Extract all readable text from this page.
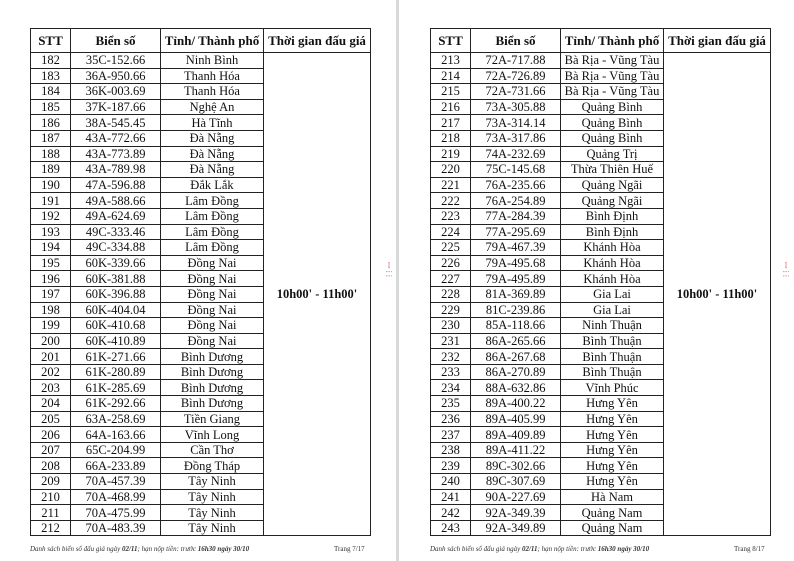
STT	Biển số	Tỉnh/ Thành phố	Thời gian đấu giá
182	35C-152.66	Ninh Bình	10h00' - 11h00'
183	36A-950.66	Thanh Hóa	
184	36K-003.69	Thanh Hóa	
185	37K-187.66	Nghệ An	
186	38A-545.45	Hà Tĩnh	
187	43A-772.66	Đà Nẵng	
188	43A-773.89	Đà Nẵng	
189	43A-789.98	Đà Nẵng	
190	47A-596.88	Đắk Lắk	
191	49A-588.66	Lâm Đồng	
192	49A-624.69	Lâm Đồng	
193	49C-333.46	Lâm Đồng	
194	49C-334.88	Lâm Đồng	
195	60K-339.66	Đồng Nai	
196	60K-381.88	Đồng Nai	
197	60K-396.88	Đồng Nai	
198	60K-404.04	Đồng Nai	
199	60K-410.68	Đồng Nai	
200	60K-410.89	Đồng Nai	
201	61K-271.66	Bình Dương	
202	61K-280.89	Bình Dương	
203	61K-285.69	Bình Dương	
204	61K-292.66	Bình Dương	
205	63A-258.69	Tiền Giang	
206	64A-163.66	Vĩnh Long	
207	65C-204.99	Cần Thơ	
208	66A-233.89	Đồng Tháp	
209	70A-457.39	Tây Ninh	
210	70A-468.99	Tây Ninh	
211	70A-475.99	Tây Ninh	
212	70A-483.39	Tây Ninh	
Danh sách biển số đấu giá ngày 02/11; hạn nộp tiền: trước 16h30 ngày 30/10	Trang 7/17
ꟷ ⁞ ⁞
STT	Biển số	Tỉnh/ Thành phố	Thời gian đấu giá
213	72A-717.88	Bà Rịa - Vũng Tàu	10h00' - 11h00'
214	72A-726.89	Bà Rịa - Vũng Tàu	
215	72A-731.66	Bà Rịa - Vũng Tàu	
216	73A-305.88	Quảng Bình	
217	73A-314.14	Quảng Bình	
218	73A-317.86	Quảng Bình	
219	74A-232.69	Quảng Trị	
220	75C-145.68	Thừa Thiên Huế	
221	76A-235.66	Quảng Ngãi	
222	76A-254.89	Quảng Ngãi	
223	77A-284.39	Bình Định	
224	77A-295.69	Bình Định	
225	79A-467.39	Khánh Hòa	
226	79A-495.68	Khánh Hòa	
227	79A-495.89	Khánh Hòa	
228	81A-369.89	Gia Lai	
229	81C-239.86	Gia Lai	
230	85A-118.66	Ninh Thuận	
231	86A-265.66	Bình Thuận	
232	86A-267.68	Bình Thuận	
233	86A-270.89	Bình Thuận	
234	88A-632.86	Vĩnh Phúc	
235	89A-400.22	Hưng Yên	
236	89A-405.99	Hưng Yên	
237	89A-409.89	Hưng Yên	
238	89A-411.22	Hưng Yên	
239	89C-302.66	Hưng Yên	
240	89C-307.69	Hưng Yên	
241	90A-227.69	Hà Nam	
242	92A-349.39	Quảng Nam	
243	92A-349.89	Quảng Nam	
Danh sách biển số đấu giá ngày 02/11; hạn nộp tiền: trước 16h30 ngày 30/10	Trang 8/17
ꟷ ⁞ ⁞
